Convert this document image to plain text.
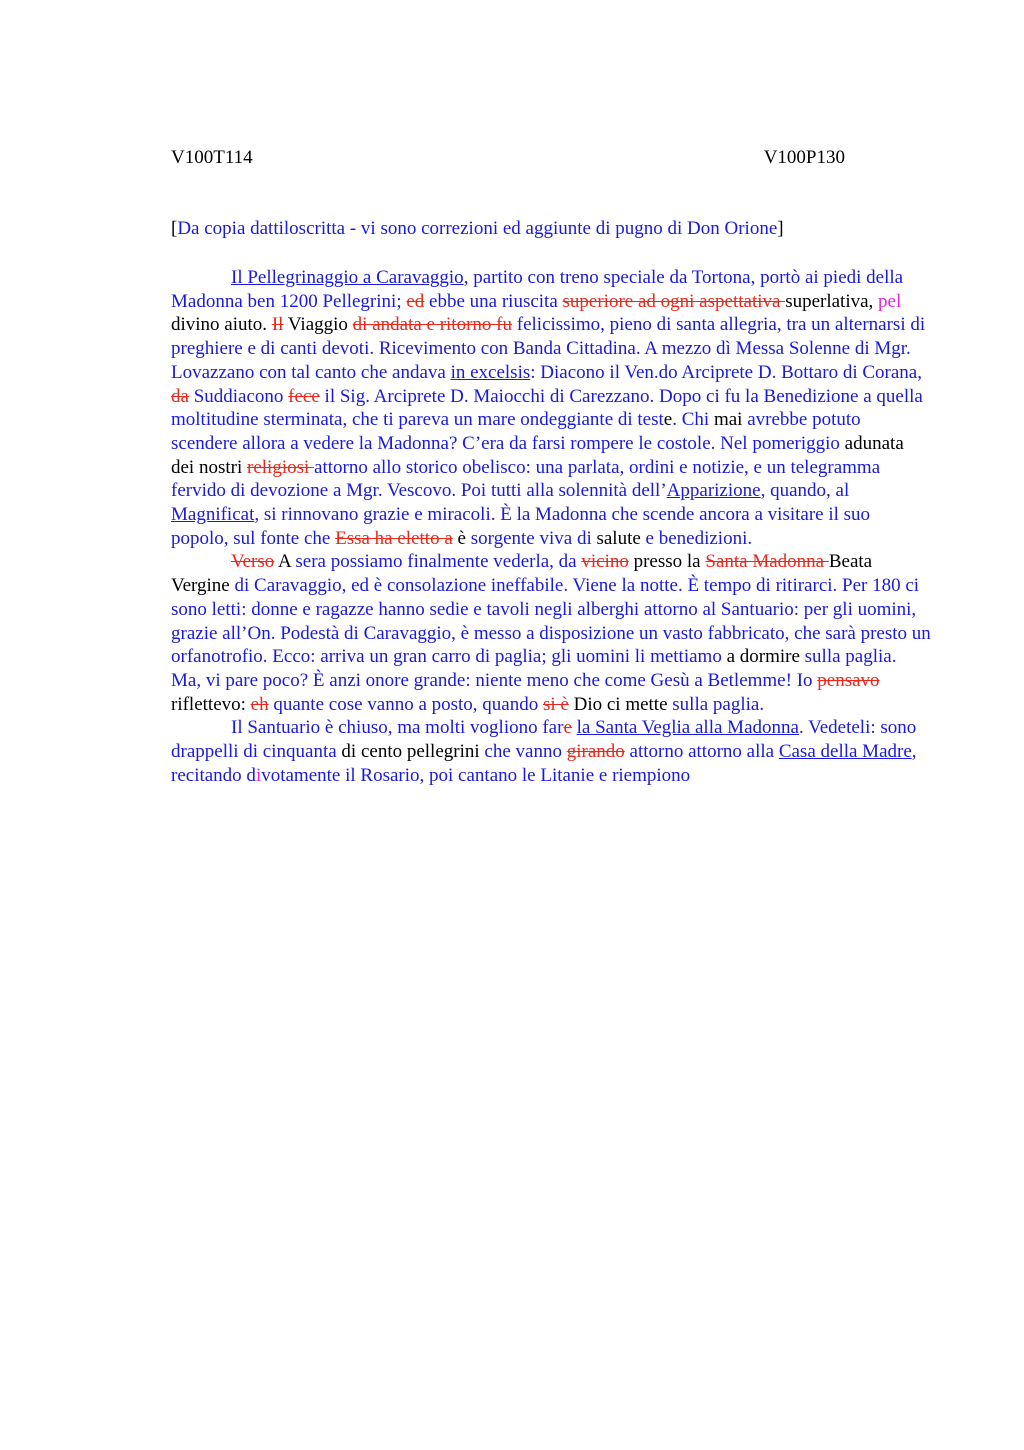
V100T114	V100P130
[Da copia dattiloscritta - vi sono correzioni ed aggiunte di pugno di Don Orione]

Il Pellegrinaggio a Caravaggio, partito con treno speciale da Tortona, portò ai piedi della Madonna ben 1200 Pellegrini; ed ebbe una riuscita superiore ad ogni aspettativa superlativa, pel divino aiuto. Il Viaggio di andata e ritorno fu felicissimo, pieno di santa allegria, tra un alternarsi di preghiere e di canti devoti. Ricevimento con Banda Cittadina. A mezzo dì Messa Solenne di Mgr. Lovazzano con tal canto che andava in excelsis: Diacono il Ven.do Arciprete D. Bottaro di Corana, da Suddiacono fece il Sig. Arciprete D. Maiocchi di Carezzano. Dopo ci fu la Benedizione a quella moltitudine sterminata, che ti pareva un mare ondeggiante di teste. Chi mai avrebbe potuto scendere allora a vedere la Madonna? C’era da farsi rompere le costole. Nel pomeriggio adunata dei nostri religiosi attorno allo storico obelisco: una parlata, ordini e notizie, e un telegramma fervido di devozione a Mgr. Vescovo. Poi tutti alla solennità dell’Apparizione, quando, al Magnificat, si rinnovano grazie e miracoli. È la Madonna che scende ancora a visitare il suo popolo, sul fonte che Essa ha eletto a è sorgente viva di salute e benedizioni.

Verso A sera possiamo finalmente vederla, da vicino presso la Santa Madonna Beata Vergine di Caravaggio, ed è consolazione ineffabile. Viene la notte. È tempo di ritirarci. Per 180 ci sono letti: donne e ragazze hanno sedie e tavoli negli alberghi attorno al Santuario: per gli uomini, grazie all’On. Podestà di Caravaggio, è messo a disposizione un vasto fabbricato, che sarà presto un orfanotrofio. Ecco: arriva un gran carro di paglia; gli uomini li mettiamo a dormire sulla paglia. Ma, vi pare poco? È anzi onore grande: niente meno che come Gesù a Betlemme! Io pensavo riflettevo: eh quante cose vanno a posto, quando si è Dio ci mette sulla paglia.

Il Santuario è chiuso, ma molti vogliono fare la Santa Veglia alla Madonna. Vedeteli: sono drappelli di cinquanta di cento pellegrini che vanno girando attorno attorno alla Casa della Madre, recitando divotamente il Rosario, poi cantano le Litanie e riempiono
